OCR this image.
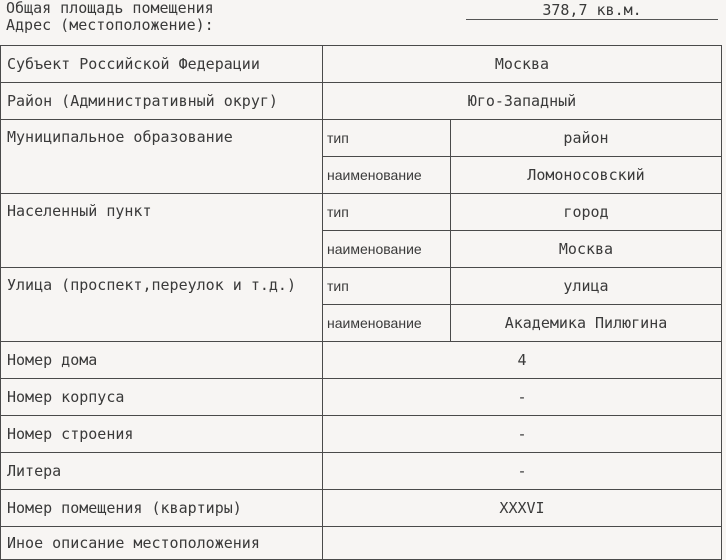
Общая площадь помещения
Адрес (местоположение):
378,7 кв.м.
Субъект Российской Федерации	Москва	
Район (Административный округ)	Юго-Западный	
Муниципальное образование	тип	район
	наименование	Ломоносовский
Населенный пункт	тип	город
	наименование	Москва
Улица (проспект,переулок и т.д.)	тип	улица
	наименование	Академика Пилюгина
Номер дома	4	
Номер корпуса	-	
Номер строения	-	
Литера	-	
Номер помещения (квартиры)	XXXVI	
Иное описание местоположения		
